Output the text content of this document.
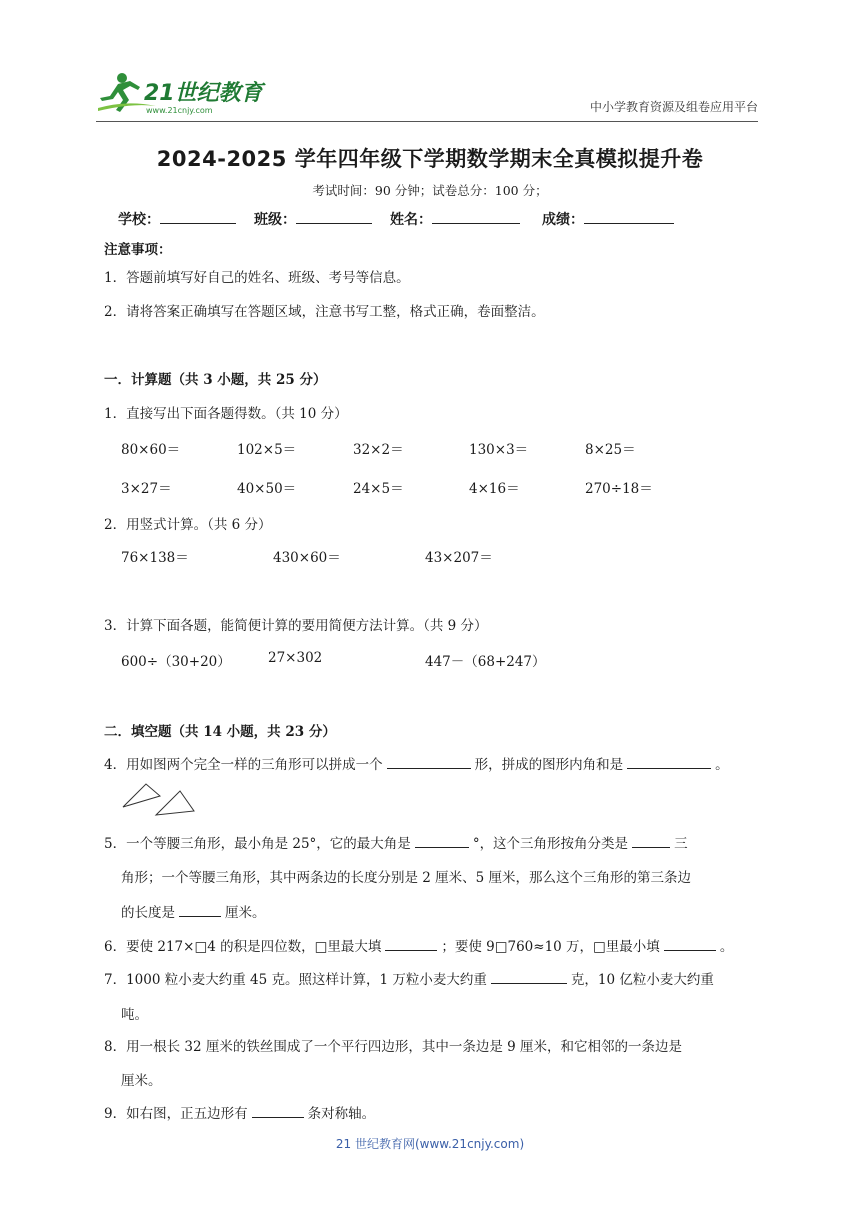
21世纪教育
www.21cnjy.com	中小学教育资源及组卷应用平台
2024-2025 学年四年级下学期数学期末全真模拟提升卷
考试时间：90 分钟；试卷总分：100 分；
学校：	班级：	姓名：	成绩：
注意事项：
1．答题前填写好自己的姓名、班级、考号等信息。
2．请将答案正确填写在答题区域，注意书写工整，格式正确，卷面整洁。
一．计算题（共 3 小题，共 25 分）
1．直接写出下面各题得数。（共 10 分）
80×60＝	102×5＝	32×2＝	130×3＝	8×25＝
3×27＝	40×50＝	24×5＝	4×16＝	270÷18＝
2．用竖式计算。（共 6 分）
76×138＝	430×60＝	43×207＝
3．计算下面各题，能简便计算的要用简便方法计算。（共 9 分）
600÷（30+20）	27×302	447－（68+247）
二．填空题（共 14 小题，共 23 分）
4．用如图两个完全一样的三角形可以拼成一个	形，拼成的图形内角和是	。
5．一个等腰三角形，最小角是 25°，它的最大角是	°，这个三角形按角分类是	三
角形；一个等腰三角形，其中两条边的长度分别是 2 厘米、5 厘米，那么这个三角形的第三条边
的长度是	厘米。
6．要使 217×□4 的积是四位数，□里最大填	；要使 9□760≈10 万，□里最小填	。
7．1000 粒小麦大约重 45 克。照这样计算，1 万粒小麦大约重	克，10 亿粒小麦大约重
吨。
8．用一根长 32 厘米的铁丝围成了一个平行四边形，其中一条边是 9 厘米，和它相邻的一条边是
厘米。
9．如右图，正五边形有	条对称轴。
21 世纪教育网(www.21cnjy.com)
